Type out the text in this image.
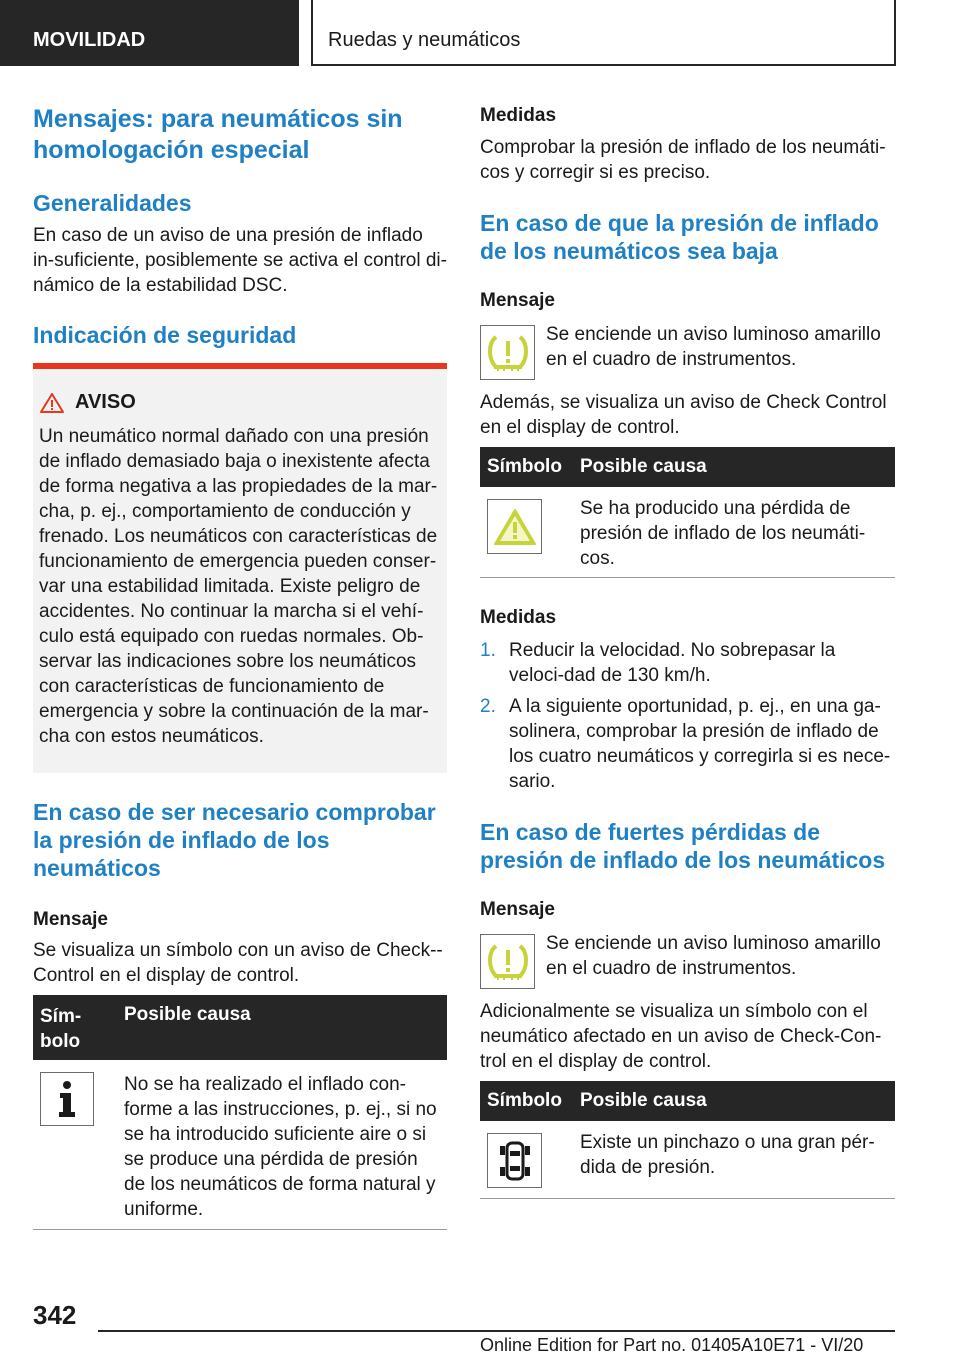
MOVILIDAD	Ruedas y neumáticos
Mensajes: para neumáticos sin homologación especial
Generalidades
En caso de un aviso de una presión de inflado in-suficiente, posiblemente se activa el control di-námico de la estabilidad DSC.
Indicación de seguridad
AVISO
Un neumático normal dañado con una presión de inflado demasiado baja o inexistente afecta de forma negativa a las propiedades de la mar-cha, p. ej., comportamiento de conducción y frenado. Los neumáticos con características de funcionamiento de emergencia pueden conser-var una estabilidad limitada. Existe peligro de accidentes. No continuar la marcha si el vehí-culo está equipado con ruedas normales. Ob-servar las indicaciones sobre los neumáticos con características de funcionamiento de emergencia y sobre la continuación de la mar-cha con estos neumáticos.
En caso de ser necesario comprobar la presión de inflado de los neumáticos
Mensaje
Se visualiza un símbolo con un aviso de Check--Control en el display de control.
Sím-bolo
Posible causa
No se ha realizado el inflado con-forme a las instrucciones, p. ej., si no se ha introducido suficiente aire o si se produce una pérdida de presión de los neumáticos de forma natural y uniforme.
Medidas
Comprobar la presión de inflado de los neumáti-cos y corregir si es preciso.
En caso de que la presión de inflado de los neumáticos sea baja
Mensaje
Se enciende un aviso luminoso amarillo en el cuadro de instrumentos.
Además, se visualiza un aviso de Check Control en el display de control.
Símbolo Posible causa
Se ha producido una pérdida de presión de inflado de los neumáti-cos.
Medidas
1. Reducir la velocidad. No sobrepasar la veloci-dad de 130 km/h.
2. A la siguiente oportunidad, p. ej., en una ga-solinera, comprobar la presión de inflado de los cuatro neumáticos y corregirla si es nece-sario.
En caso de fuertes pérdidas de presión de inflado de los neumáticos
Mensaje
Se enciende un aviso luminoso amarillo en el cuadro de instrumentos.
Adicionalmente se visualiza un símbolo con el neumático afectado en un aviso de Check-Con-trol en el display de control.
Símbolo Posible causa
Existe un pinchazo o una gran pér-dida de presión.
342
Online Edition for Part no. 01405A10E71 - VI/20
